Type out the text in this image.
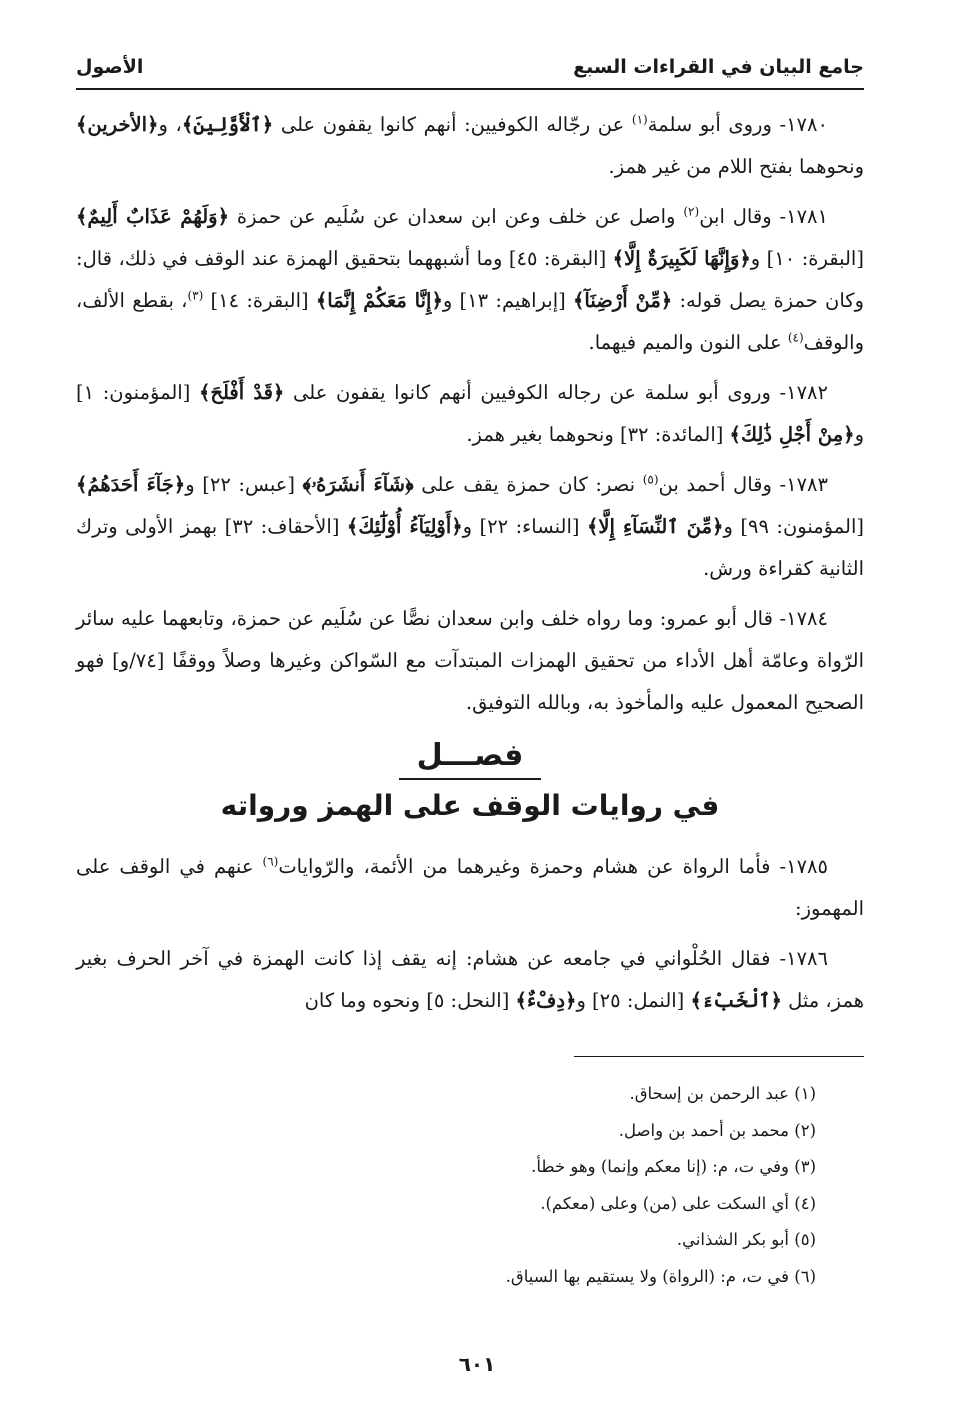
جامع البيان في القراءات السبع
الأصول

١٧٨٠- وروى أبو سلمة$^{(١)}$ عن رجّاله الكوفيين: أنهم كانوا يقفون على ﴿ٱلْأَوَّلِينَ﴾، و﴿الأخرين﴾ ونحوهما بفتح اللام من غير همز.

١٧٨١- وقال ابن$^{(٢)}$ واصل عن خلف وعن ابن سعدان عن سُلَيم عن حمزة ﴿وَلَهُمْ عَذَابٌ أَلِيمٌ﴾ [البقرة: ١٠] و﴿وَإِنَّهَا لَكَبِيرَةٌ إِلَّا﴾ [البقرة: ٤٥] وما أشبههما بتحقيق الهمزة عند الوقف في ذلك، قال: وكان حمزة يصل قوله: ﴿مِّنْ أَرْضِنَآ﴾ [إبراهيم: ١٣] و﴿إِنَّا مَعَكُمْ إِنَّمَا﴾ [البقرة: ١٤] $^{(٣)}$، بقطع الألف، والوقف$^{(٤)}$ على النون والميم فيهما.

١٧٨٢- وروى أبو سلمة عن رجاله الكوفيين أنهم كانوا يقفون على ﴿قَدْ أَفْلَحَ﴾ [المؤمنون: ١] و﴿مِنْ أَجْلِ ذَٰلِكَ﴾ [المائدة: ٣٢] ونحوهما بغير همز.

١٧٨٣- وقال أحمد بن$^{(٥)}$ نصر: كان حمزة يقف على ﴿شَآءَ أَنشَرَهُۥ﴾ [عبس: ٢٢] و﴿جَآءَ أَحَدَهُمُ﴾ [المؤمنون: ٩٩] و﴿مِّنَ ٱلنِّسَآءِ إِلَّا﴾ [النساء: ٢٢] و﴿أَوْلِيَآءُ أُوْلَٰٓئِكَ﴾ [الأحقاف: ٣٢] بهمز الأولى وترك الثانية كقراءة ورش.

١٧٨٤- قال أبو عمرو: وما رواه خلف وابن سعدان نصًّا عن سُلَيم عن حمزة، وتابعهما عليه سائر الرّواة وعامّة أهل الأداء من تحقيق الهمزات المبتدآت مع السّواكن وغيرها وصلاً ووقفًا [٧٤/و] فهو الصحيح المعمول عليه والمأخوذ به، وبالله التوفيق.

فصـــل
في روايات الوقف على الهمز ورواته

١٧٨٥- فأما الرواة عن هشام وحمزة وغيرهما من الأئمة، والرّوايات$^{(٦)}$ عنهم في الوقف على المهموز:

١٧٨٦- فقال الحُلْواني في جامعه عن هشام: إنه يقف إذا كانت الهمزة في آخر الحرف بغير همز، مثل ﴿ٱلْخَبْءَ﴾ [النمل: ٢٥] و﴿دِفْءٌ﴾ [النحل: ٥] ونحوه وما كان

(١) عبد الرحمن بن إسحاق.

(٢) محمد بن أحمد بن واصل.

(٣) وفي ت، م: (إنا معكم وإنما) وهو خطأ.

(٤) أي السكت على (من) وعلى (معكم).

(٥) أبو بكر الشذاني.

(٦) في ت، م: (الرواة) ولا يستقيم بها السياق.

٦٠١
